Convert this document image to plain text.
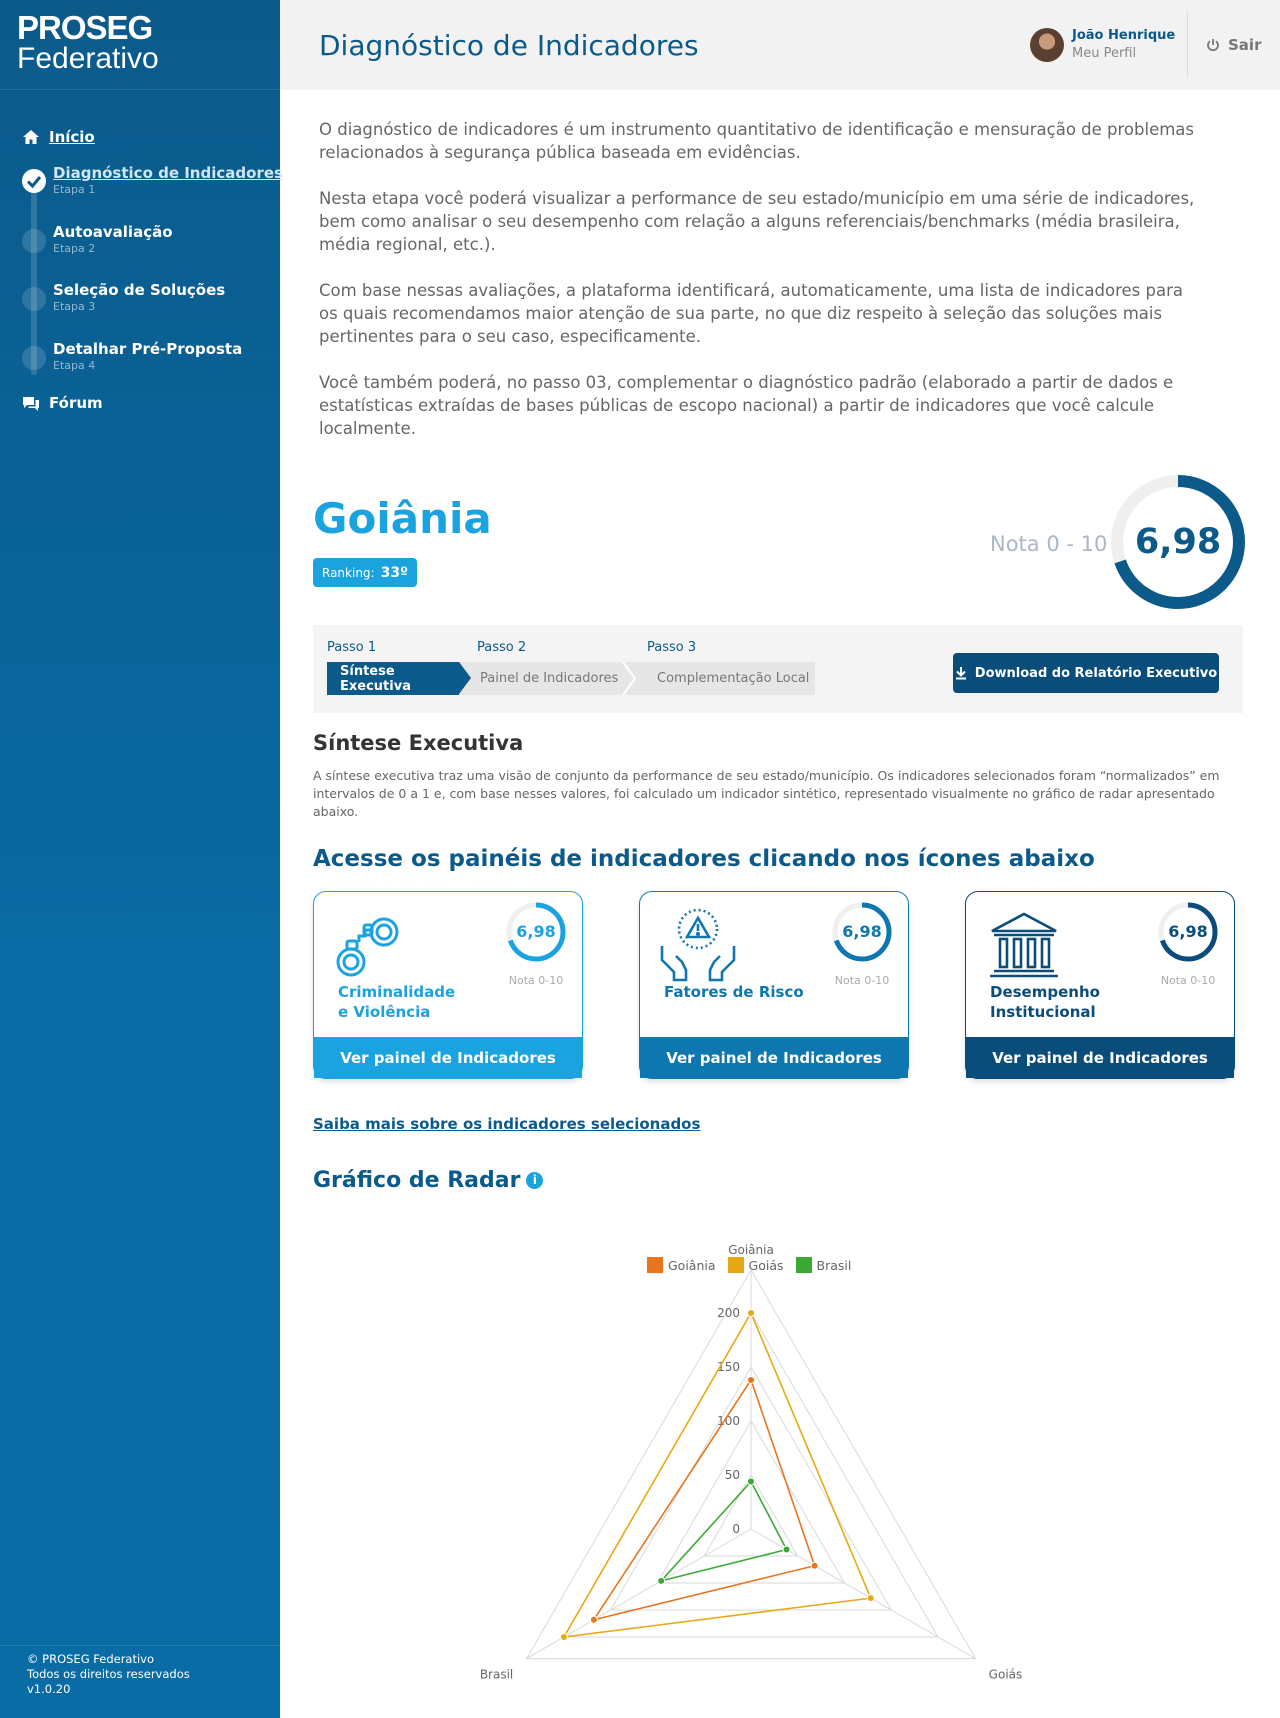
PROSEG
Federativo
Início
Diagnóstico de Indicadores
Etapa 1
Autoavaliação
Etapa 2
Seleção de Soluções
Etapa 3
Detalhar Pré-Proposta
Etapa 4
Fórum
© PROSEG Federativo
Todos os direitos reservados
v1.0.20
Diagnóstico de Indicadores	João Henrique
Meu Perfil	Sair

O diagnóstico de indicadores é um instrumento quantitativo de identificação e mensuração de problemas relacionados à segurança pública baseada em evidências.

Nesta etapa você poderá visualizar a performance de seu estado/município em uma série de indicadores, bem como analisar o seu desempenho com relação a alguns referenciais/benchmarks (média brasileira, média regional, etc.).

Com base nessas avaliações, a plataforma identificará, automaticamente, uma lista de indicadores para os quais recomendamos maior atenção de sua parte, no que diz respeito à seleção das soluções mais pertinentes para o seu caso, especificamente.

Você também poderá, no passo 03, complementar o diagnóstico padrão (elaborado a partir de dados e estatísticas extraídas de bases públicas de escopo nacional) a partir de indicadores que você calcule localmente.

Goiânia
Ranking: 33º
Nota 0 - 10 6,98
Passo 1	Passo 2	Passo 3
Complementação Local
Painel de Indicadores
Síntese Executiva
Download do Relatório Executivo
Síntese Executiva
A síntese executiva traz uma visão de conjunto da performance de seu estado/município. Os indicadores selecionados foram “normalizados” em intervalos de 0 a 1 e, com base nesses valores, foi calculado um indicador sintético, representado visualmente no gráfico de radar apresentado abaixo.
Acesse os painéis de indicadores clicando nos ícones abaixo
Criminalidade
e Violência
6,98
Nota 0-10
Ver painel de Indicadores
Fatores de Risco
6,98
Nota 0-10
Ver painel de Indicadores
Desempenho
Institucional
6,98
Nota 0-10
Ver painel de Indicadores
Saiba mais sobre os indicadores selecionados
Gráfico de Radar	i
Goiânia	Goiás	Brasil
0
50
100
150
200
Goiânia
Goiás
Brasil
